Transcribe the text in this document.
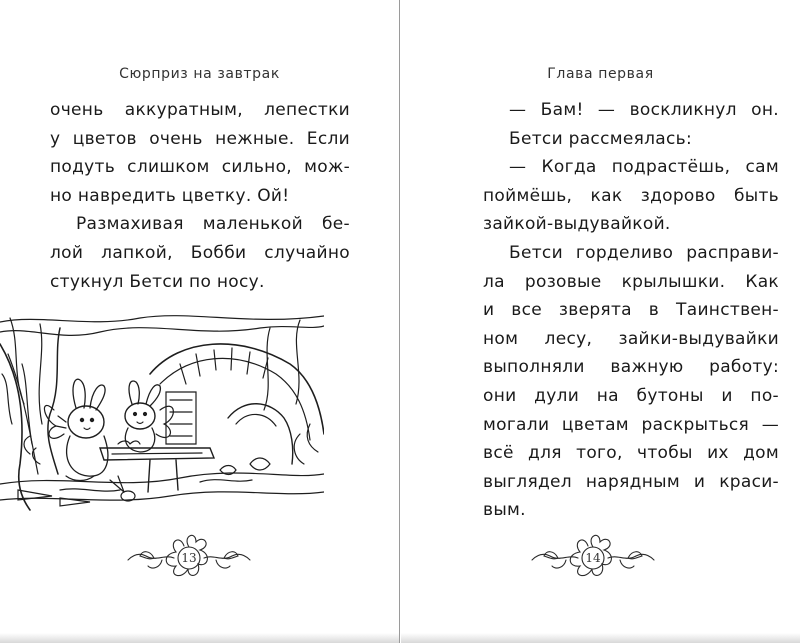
Сюрприз на завтрак
очень аккуратным, лепестки
у цветов очень нежные. Если
подуть слишком сильно, мож-
но навредить цветку. Ой!
Размахивая маленькой бе-
лой лапкой, Бобби случайно
стукнул Бетси по носу.
13
Глава первая
— Бам! — воскликнул он.
Бетси рассмеялась:
— Когда подрастёшь, сам
поймёшь, как здорово быть
зайкой-выдувайкой.
Бетси горделиво расправи-
ла розовые крылышки. Как
и все зверята в Таинствен-
ном лесу, зайки-выдувайки
выполняли важную работу:
они дули на бутоны и по-
могали цветам раскрыться —
всё для того, чтобы их дом
выглядел нарядным и краси-
вым.
14
